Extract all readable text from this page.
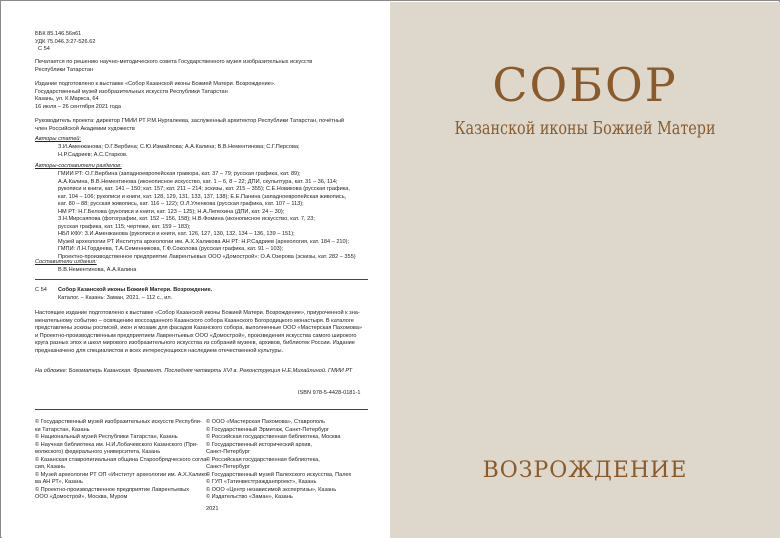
ББК 85.146.56я61
УДК 75.046.3:27-526.62
С 54
Печатается по решению научно-методического совета Государственного музея изобразительных искусств
Республики Татарстан
Издание подготовлено к выставке «Собор Казанской иконы Божией Матери. Возрождение».
Государственный музей изобразительных искусств Республики Татарстан
Казань, ул. К.Маркса, 64
16 июля – 26 сентября 2021 года
Руководитель проекта: директор ГМИИ РТ Р.М.Нургалеева, заслуженный архитектор Республики Татарстан, почётный
член Российской Академии художеств
Авторы статей:
З.И.Аменжанова; О.Г.Вербина; С.Ю.Измайлова; А.А.Калина; В.В.Нементинова; С.Г.Персова;
Н.Р.Садриев; А.С.Старков.
Авторы-составители разделов:
ГМИИ РТ: О.Г.Вербина (западноевропейская гравюра, кат. 37 – 79; русская графика, кат. 89);
А.А.Калина, В.В.Нементинова (иконописное искусство, кат. 1 – 6, 8 – 22; ДПИ, скульптура, кат. 31 – 36, 114;
рукописи и книги, кат. 141 – 150; кат. 157; кат. 211 – 214; эскизы, кат. 215 – 355); С.Е.Новикова (русская графика,
кат. 104 – 106; рукописи и книги, кат. 128, 129, 131, 133, 137, 138); Е.Е.Панина (западноевропейская живопись,
кат. 80 – 88; русская живопись, кат. 116 – 122); О.Л.Уленкова (русская графика, кат. 107 – 113);
НМ РТ: Н.Г.Белова (рукописи и книги, кат. 123 – 125); Н.А.Лепехина (ДПИ, кат. 24 – 30);
З.Н.Мирсаяпова (фотографии, кат. 152 – 156, 158); Н.В.Фомина (иконописное искусство, кат. 7, 23;
русская графика, кат. 115; чертежи, кат. 159 – 183);
НБЛ КФУ: З.И.Аменжанова (рукописи и книги, кат. 126, 127, 130, 132, 134 – 136, 139 – 151);
Музей археологии РТ Института археологии им. А.Х.Халикова АН РТ: Н.Р.Садриев (археология, кат. 184 – 210);
ГМПИ: Л.Н.Гордеева, Т.А.Семенникова, Г.Ф.Соколова (русская графика, кат. 91 – 103);
Проектно-производственное предприятие Лаврентьевых ООО «Домострой»: О.А.Озерова (эскизы, кат. 282 – 355)
Составители издания:
В.В.Нементинова, А.А.Калина
С 54 Собор Казанской иконы Божией Матери. Возрождение.
Каталог. – Казань: Заман, 2021. – 112 с., ил.
Настоящее издание подготовлено к выставке «Собор Казанской иконы Божией Матери. Возрождение», приуроченной к зна-
менательному событию – освящению воссозданного Казанского собора Казанского Богородицкого монастыря. В каталоге
представлены эскизы росписей, икон и мозаик для фасадов Казанского собора, выполненные ООО «Мастерская Пахомова»
и Проектно-производственным предприятием Лаврентьевых ООО «Домострой», произведения искусства самого широкого
круга разных эпох и школ мирового изобразительного искусства из собраний музеев, архивов, библиотек России. Издание
предназначено для специалистов и всех интересующихся наследием отечественной культуры.
На обложке: Богоматерь Казанская. Фрагмент. Последняя четверть XVI в. Реконструкция Н.Е.Михайлиной. ГМИИ РТ
ISBN 978-5-4428-0181-1
© Государственный музей изобразительных искусств Республи-
ки Татарстан, Казань
© Национальный музей Республики Татарстан, Казань
© Научная библиотека им. Н.И.Лобачевского Казанского (При-
волжского) федерального университета, Казань
© Казанская ставропигиальная община Старообрядческого согла-
сия, Казань
© Музей археологии РТ ОП «Институт археологии им. А.Х.Халико-
ва АН РТ», Казань
© Проектно-производственное предприятие Лаврентьевых
ООО «Домострой», Москва, Муром
© ООО «Мастерская Пахомова», Ставрополь
© Государственный Эрмитаж, Санкт-Петербург
© Российская государственная библиотека, Москва
© Государственный исторический архив,
Санкт-Петербург
© Российская государственная библиотека,
Санкт-Петербург
© Государственный музей Палехского искусства, Палех
© ГУП «Татинвестгражданпроект», Казань
© ООО «Центр независимой экспертизы», Казань
© Издательство «Заман», Казань
2021
СОБОР
Казанской иконы Божией Матери
ВОЗРОЖДЕНИЕ
